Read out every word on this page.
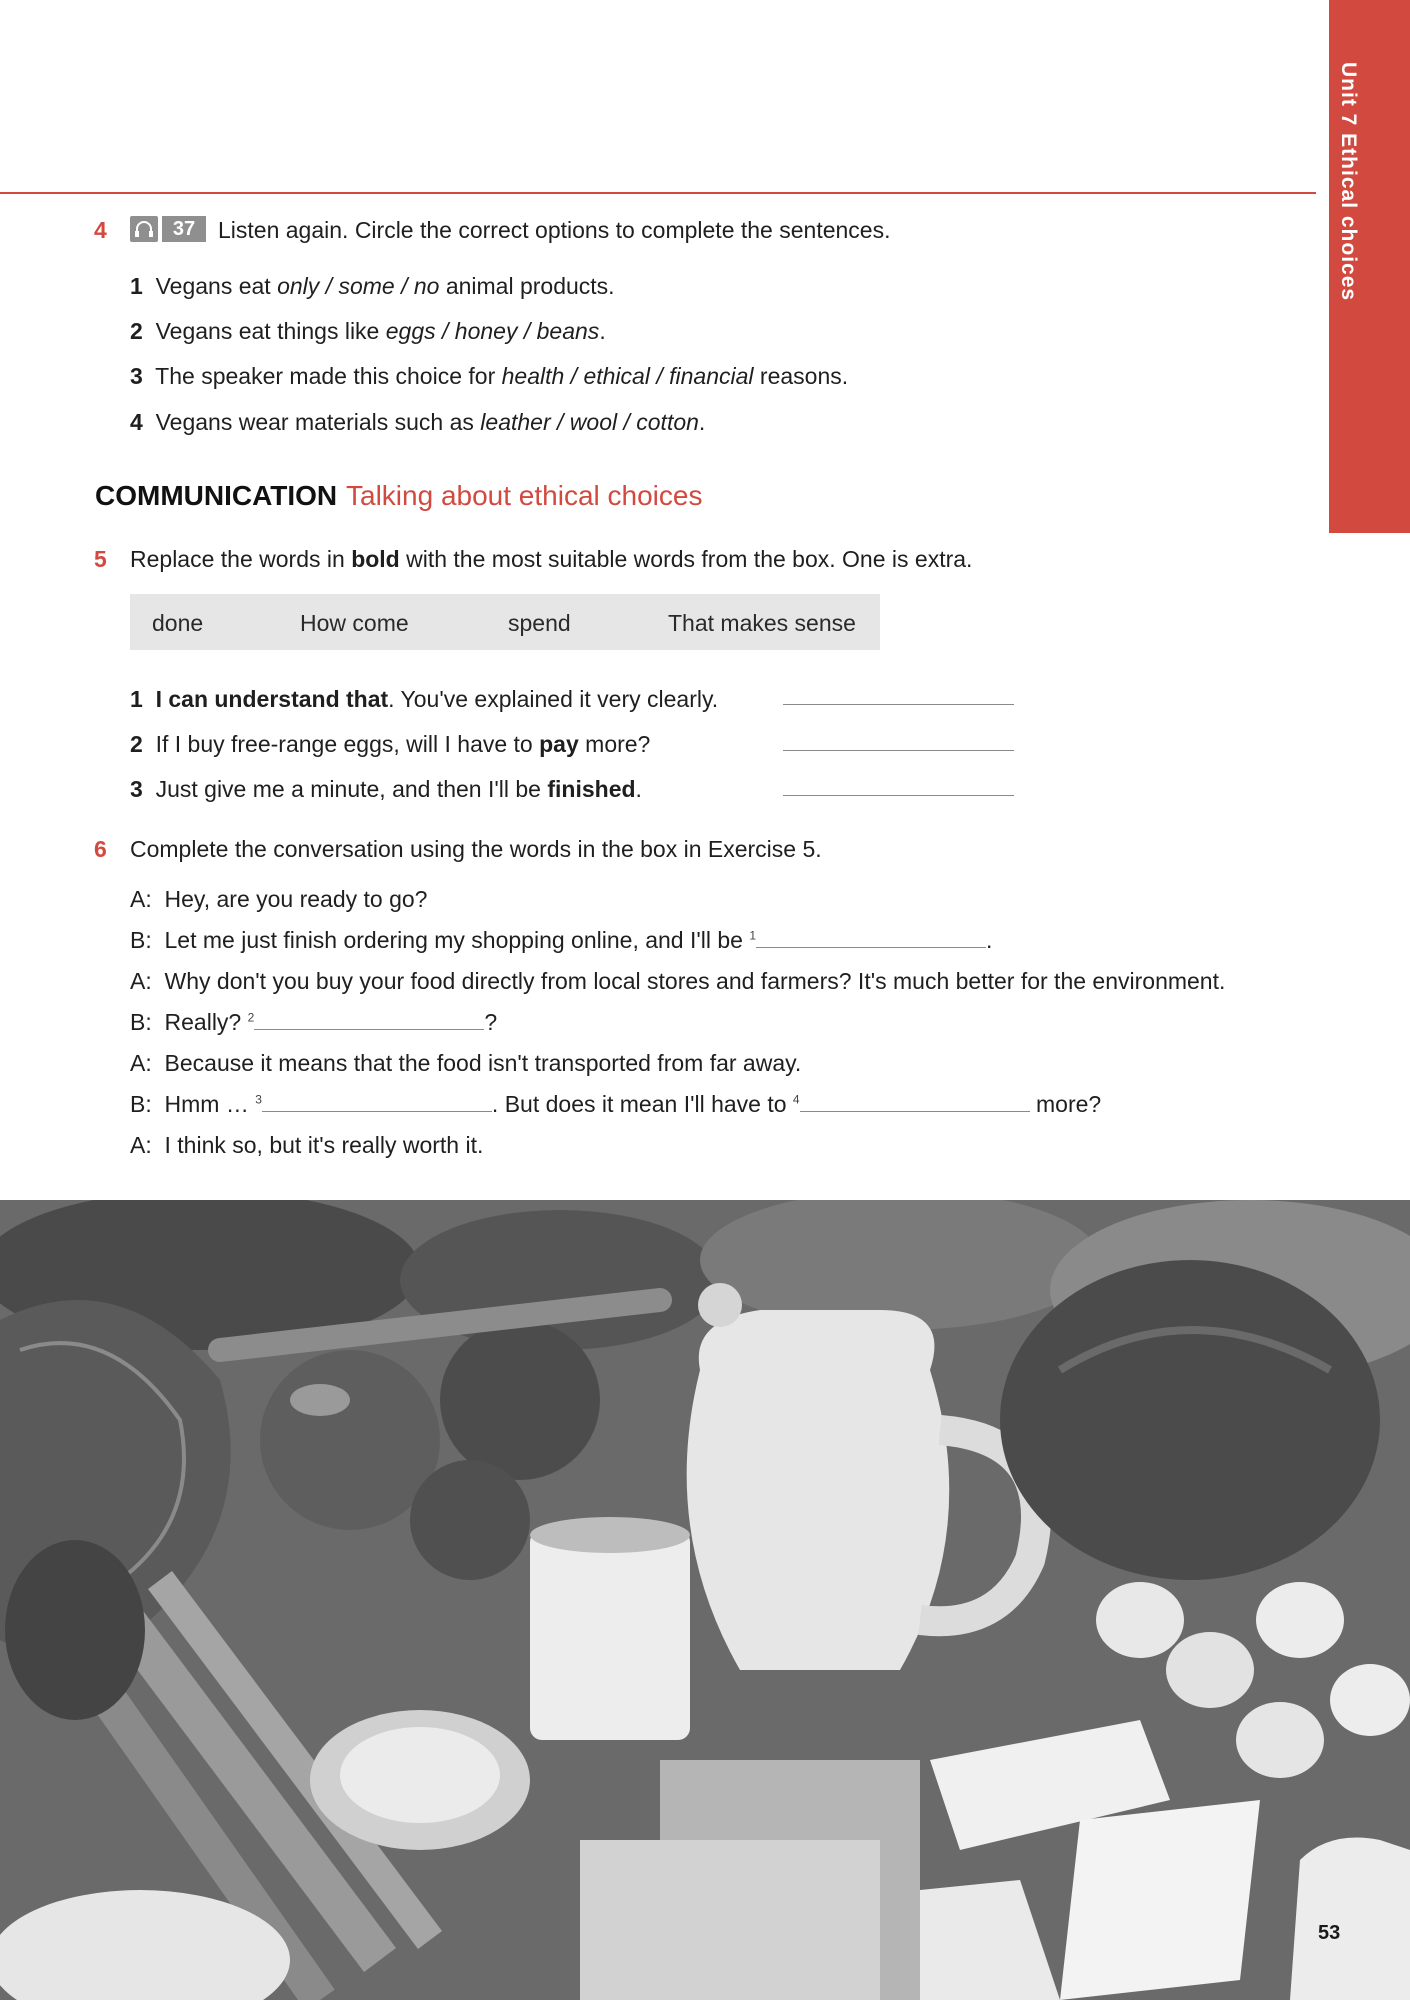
Unit 7 Ethical choices
4	37 Listen again. Circle the correct options to complete the sentences.
1 Vegans eat only / some / no animal products.
2 Vegans eat things like eggs / honey / beans.
3 The speaker made this choice for health / ethical / financial reasons.
4 Vegans wear materials such as leather / wool / cotton.
COMMUNICATION Talking about ethical choices
5 Replace the words in bold with the most suitable words from the box. One is extra.
done	How come	spend	That makes sense
1 I can understand that. You've explained it very clearly.
2 If I buy free-range eggs, will I have to pay more?
3 Just give me a minute, and then I'll be finished.
6 Complete the conversation using the words in the box in Exercise 5.
A: Hey, are you ready to go?
B: Let me just finish ordering my shopping online, and I'll be $^1$	.
A: Why don't you buy your food directly from local stores and farmers? It's much better for the environment.
B: Really? $^2$	?
A: Because it means that the food isn't transported from far away.
B: Hmm … $^3$	. But does it mean I'll have to $^4$	more?
A: I think so, but it's really worth it.
53
